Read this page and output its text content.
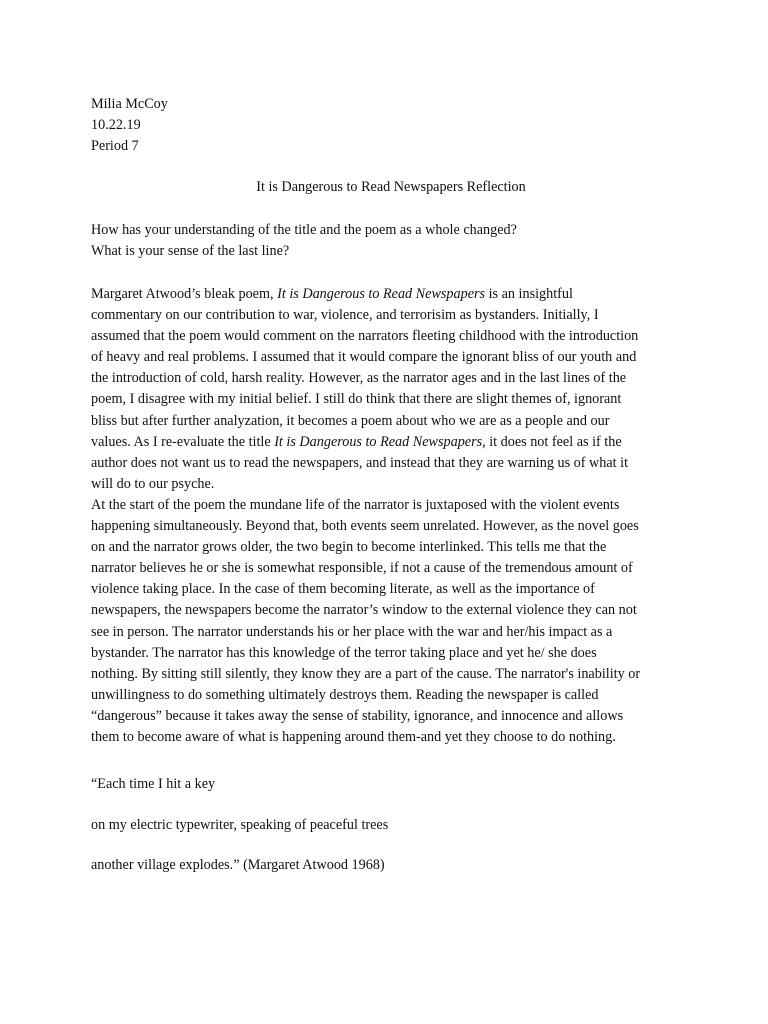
Milia McCoy
10.22.19
Period 7
It is Dangerous to Read Newspapers Reflection
How has your understanding of the title and the poem as a whole changed?
What is your sense of the last line?
Margaret Atwood’s bleak poem, It is Dangerous to Read Newspapers is an insightful
commentary on our contribution to war, violence, and terrorisim as bystanders. Initially, I
assumed that the poem would comment on the narrators fleeting childhood with the introduction
of heavy and real problems. I assumed that it would compare the ignorant bliss of our youth and
the introduction of cold, harsh reality. However, as the narrator ages and in the last lines of the
poem, I disagree with my initial belief. I still do think that there are slight themes of, ignorant
bliss but after further analyzation, it becomes a poem about who we are as a people and our
values. As I re-evaluate the title It is Dangerous to Read Newspapers, it does not feel as if the
author does not want us to read the newspapers, and instead that they are warning us of what it
will do to our psyche.
At the start of the poem the mundane life of the narrator is juxtaposed with the violent events
happening simultaneously. Beyond that, both events seem unrelated. However, as the novel goes
on and the narrator grows older, the two begin to become interlinked. This tells me that the
narrator believes he or she is somewhat responsible, if not a cause of the tremendous amount of
violence taking place. In the case of them becoming literate, as well as the importance of
newspapers, the newspapers become the narrator’s window to the external violence they can not
see in person. The narrator understands his or her place with the war and her/his impact as a
bystander. The narrator has this knowledge of the terror taking place and yet he/ she does
nothing. By sitting still silently, they know they are a part of the cause. The narrator's inability or
unwillingness to do something ultimately destroys them. Reading the newspaper is called
“dangerous” because it takes away the sense of stability, ignorance, and innocence and allows
them to become aware of what is happening around them-and yet they choose to do nothing.
“Each time I hit a key
on my electric typewriter, speaking of peaceful trees
another village explodes.” (Margaret Atwood 1968)
